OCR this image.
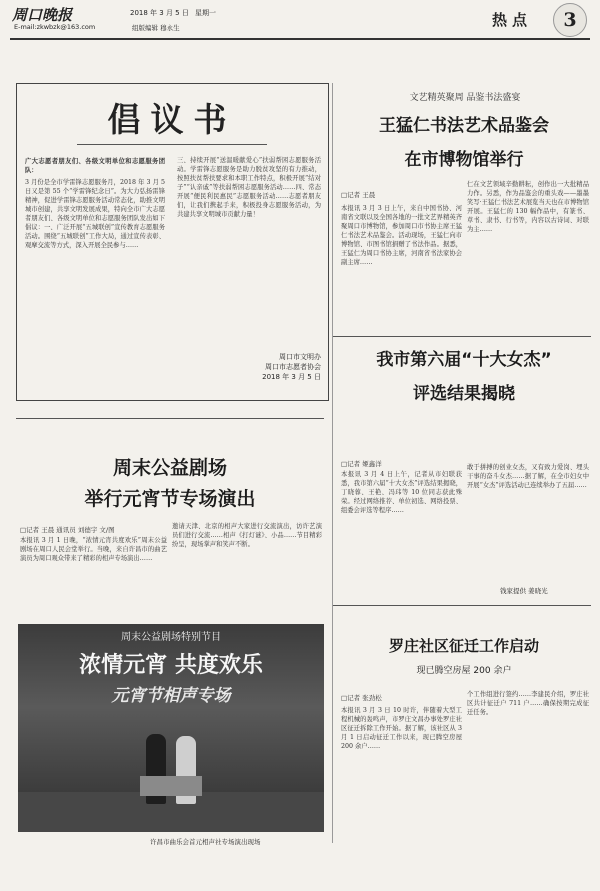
周口晚报
E-mail:zkwbzk@163.com
2018 年 3 月 5 日 星期一
组版编辑 穆永生	热点	3
倡议书
广大志愿者朋友们、各级文明单位和志愿服务团队：
3 月份是全市学雷锋志愿服务月，2018 年 3 月 5 日又是第 55 个“学雷锋纪念日”。为大力弘扬雷锋精神，促进学雷锋志愿服务活动常态化，助推文明城市创建，共享文明发展成果，特向全市广大志愿者朋友们、各级文明单位和志愿服务团队发出如下倡议：一、广泛开展“五城联创”宣传教育志愿服务活动。围绕“五城联创”工作大局，通过宣传表彰、观摩交流等方式，深入开展全民参与……
三、持续开展“送温暖献爱心”扶弱帮困志愿服务活动。学雷锋志愿服务是助力脱贫攻坚的有力推动，按照扶贫帮扶要求和本职工作特点，积极开展“结对子”“认亲戚”等扶弱帮困志愿服务活动……四、常态开展“便民利民惠民”志愿服务活动……志愿者朋友们，让我们携起手来，积极投身志愿服务活动，为共建共享文明城市贡献力量！
周口市文明办
周口市志愿者协会
2018 年 3 月 5 日
文艺精英聚周 品鉴书法盛宴
王猛仁书法艺术品鉴会
在市博物馆举行
□记者 王晨
本报讯 3 月 3 日上午，来自中国书协、河南省文联以及全国各地的一批文艺界精英齐聚周口市博物馆，参加周口市书协主席王猛仁书法艺术品鉴会。活动现场，王猛仁向市博物馆、市图书馆捐赠了书法作品。据悉，王猛仁为周口书协主席，河南省书法家协会副主席……
仁在文艺领域辛勤耕耘，创作出一大批精品力作。另悉，作为品鉴会的重头戏——墨墨笑写·王猛仁书法艺术展览当天也在市博物馆开展。王猛仁的 130 幅作品中，有篆书、草书、隶书、行书等，内容以古诗词、对联为主……
我市第六届“十大女杰”
评选结果揭晓
□记者 姬鑫洋
本报讯 3 月 4 日上午，记者从市妇联获悉，我市第六届“十大女杰”评选结果揭晓，丁晓蓉、王艳、冯玮等 10 位同志获此殊荣。经过网络推荐、单位初选、网络投票、组委会评选等程序……
敢于拼搏的创业女杰，又有致力爱岗、埋头干事的奋斗女杰……据了解，在全市妇女中开展“女杰”评选活动已连续举办了五届……
钱家提供 姜晓光
周末公益剧场
举行元宵节专场演出
□记者 王晨 通讯员 刘德宇 文/图
本报讯 3 月 1 日晚，“浓情元宵共度欢乐”周末公益剧场在周口人民会堂举行。当晚，来自许昌市的曲艺演员为周口观众带来了精彩的相声专场演出……
邀请天津、北京的相声大家进行交流演出，访许艺演员们进行交流……相声《打灯谜》、小品……节目精彩纷呈，现场掌声和笑声不断。
周末公益剧场特别节目
浓情元宵 共度欢乐
元宵节相声专场
许昌市曲乐会首元相声社专场演出现场
罗庄社区征迁工作启动
现已腾空房屋 200 余户
□记者 张劲松
本报讯 3 月 3 日 10 时许，伴随着大型工程机械的轰鸣声，市罗庄文昌办事处罗庄社区征迁拆除工作开始。据了解，该社区从 3 月 1 日启动征迁工作以来，现已腾空房屋 200 余户……
个工作组进行签约……李建民介绍，罗庄社区共计征迁户 711 户……确保按期完成征迁任务。
